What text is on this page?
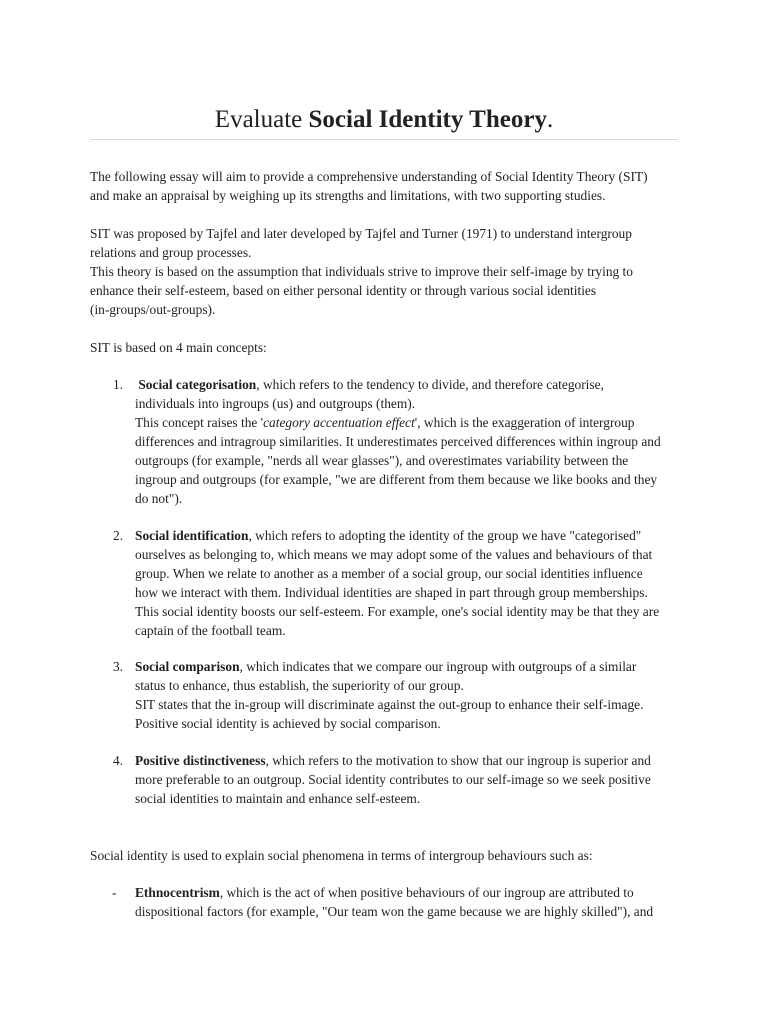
Evaluate Social Identity Theory.

The following essay will aim to provide a comprehensive understanding of Social Identity Theory (SIT)
and make an appraisal by weighing up its strengths and limitations, with two supporting studies.

SIT was proposed by Tajfel and later developed by Tajfel and Turner (1971) to understand intergroup
relations and group processes.
This theory is based on the assumption that individuals strive to improve their self-image by trying to
enhance their self-esteem, based on either personal identity or through various social identities
(in-groups/out-groups).

SIT is based on 4 main concepts:

1. Social categorisation, which refers to the tendency to divide, and therefore categorise,
individuals into ingroups (us) and outgroups (them).
This concept raises the 'category accentuation effect', which is the exaggeration of intergroup
differences and intragroup similarities. It underestimates perceived differences within ingroup and
outgroups (for example, "nerds all wear glasses"), and overestimates variability between the
ingroup and outgroups (for example, "we are different from them because we like books and they
do not").
2. Social identification, which refers to adopting the identity of the group we have "categorised"
ourselves as belonging to, which means we may adopt some of the values and behaviours of that
group. When we relate to another as a member of a social group, our social identities influence
how we interact with them. Individual identities are shaped in part through group memberships.
This social identity boosts our self-esteem. For example, one's social identity may be that they are
captain of the football team.
3. Social comparison, which indicates that we compare our ingroup with outgroups of a similar
status to enhance, thus establish, the superiority of our group.
SIT states that the in-group will discriminate against the out-group to enhance their self-image.
Positive social identity is achieved by social comparison.
4. Positive distinctiveness, which refers to the motivation to show that our ingroup is superior and
more preferable to an outgroup. Social identity contributes to our self-image so we seek positive
social identities to maintain and enhance self-esteem.

Social identity is used to explain social phenomena in terms of intergroup behaviours such as:

- Ethnocentrism, which is the act of when positive behaviours of our ingroup are attributed to
dispositional factors (for example, "Our team won the game because we are highly skilled"), and
